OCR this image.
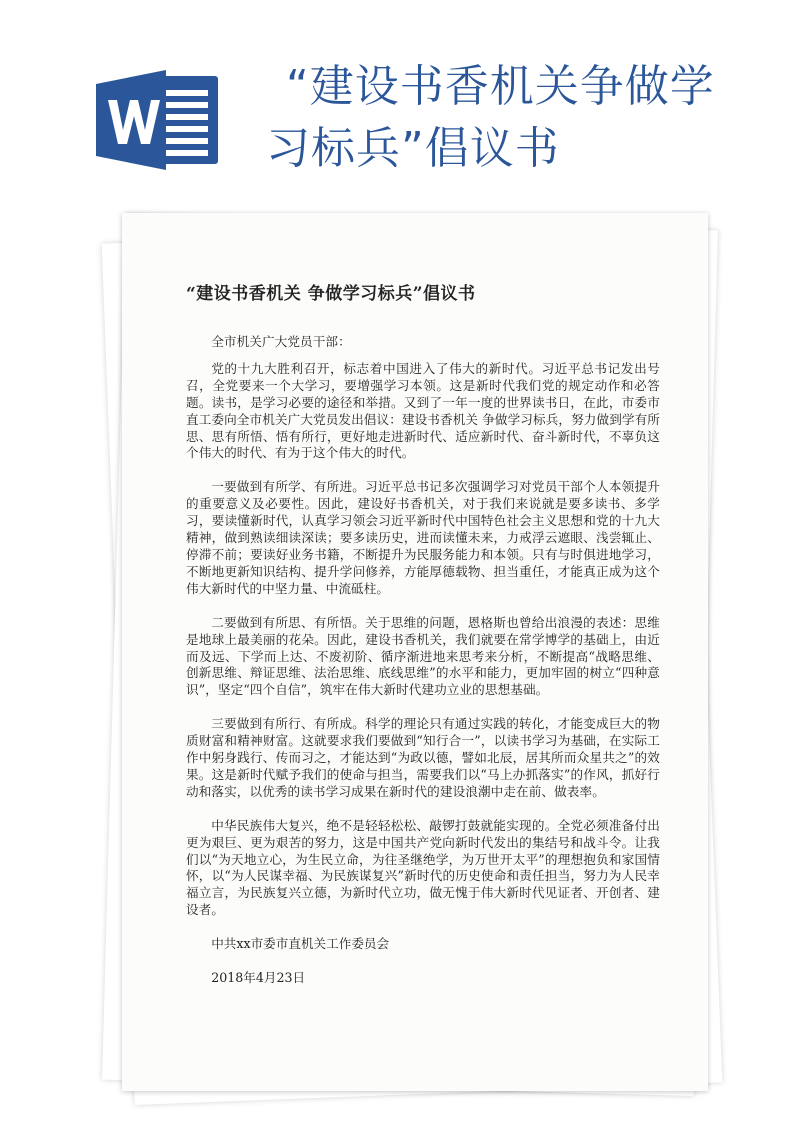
“建设书香机关争做学
习标兵”倡议书
“建设书香机关 争做学习标兵”倡议书

全市机关广大党员干部：

党的十九大胜利召开，标志着中国进入了伟大的新时代。习近平总书记发出号召，全党要来一个大学习，要增强学习本领。这是新时代我们党的规定动作和必答题。读书，是学习必要的途径和举措。又到了一年一度的世界读书日，在此，市委市直工委向全市机关广大党员发出倡议：建设书香机关 争做学习标兵，努力做到学有所思、思有所悟、悟有所行，更好地走进新时代、适应新时代、奋斗新时代，不辜负这个伟大的时代、有为于这个伟大的时代。

一要做到有所学、有所进。习近平总书记多次强调学习对党员干部个人本领提升的重要意义及必要性。因此，建设好书香机关，对于我们来说就是要多读书、多学习，要读懂新时代，认真学习领会习近平新时代中国特色社会主义思想和党的十九大精神，做到熟读细读深读；要多读历史，进而读懂未来，力戒浮云遮眼、浅尝辄止、停滞不前；要读好业务书籍，不断提升为民服务能力和本领。只有与时俱进地学习，不断地更新知识结构、提升学问修养，方能厚德载物、担当重任，才能真正成为这个伟大新时代的中坚力量、中流砥柱。

二要做到有所思、有所悟。关于思维的问题，恩格斯也曾给出浪漫的表述：思维是地球上最美丽的花朵。因此，建设书香机关，我们就要在常学博学的基础上，由近而及远、下学而上达、不废初阶、循序渐进地来思考来分析，不断提高“战略思维、创新思维、辩证思维、法治思维、底线思维”的水平和能力，更加牢固的树立“四种意识”，坚定“四个自信”，筑牢在伟大新时代建功立业的思想基础。

三要做到有所行、有所成。科学的理论只有通过实践的转化，才能变成巨大的物质财富和精神财富。这就要求我们要做到“知行合一”，以读书学习为基础，在实际工作中躬身践行、传而习之，才能达到“为政以德，譬如北辰，居其所而众星共之”的效果。这是新时代赋予我们的使命与担当，需要我们以“马上办抓落实”的作风，抓好行动和落实，以优秀的读书学习成果在新时代的建设浪潮中走在前、做表率。

中华民族伟大复兴，绝不是轻轻松松、敲锣打鼓就能实现的。全党必须准备付出更为艰巨、更为艰苦的努力，这是中国共产党向新时代发出的集结号和战斗令。让我们以“为天地立心，为生民立命，为往圣继绝学，为万世开太平”的理想抱负和家国情怀，以“为人民谋幸福、为民族谋复兴”新时代的历史使命和责任担当，努力为人民幸福立言，为民族复兴立德，为新时代立功，做无愧于伟大新时代见证者、开创者、建设者。

中共xx市委市直机关工作委员会

2018年4月23日
